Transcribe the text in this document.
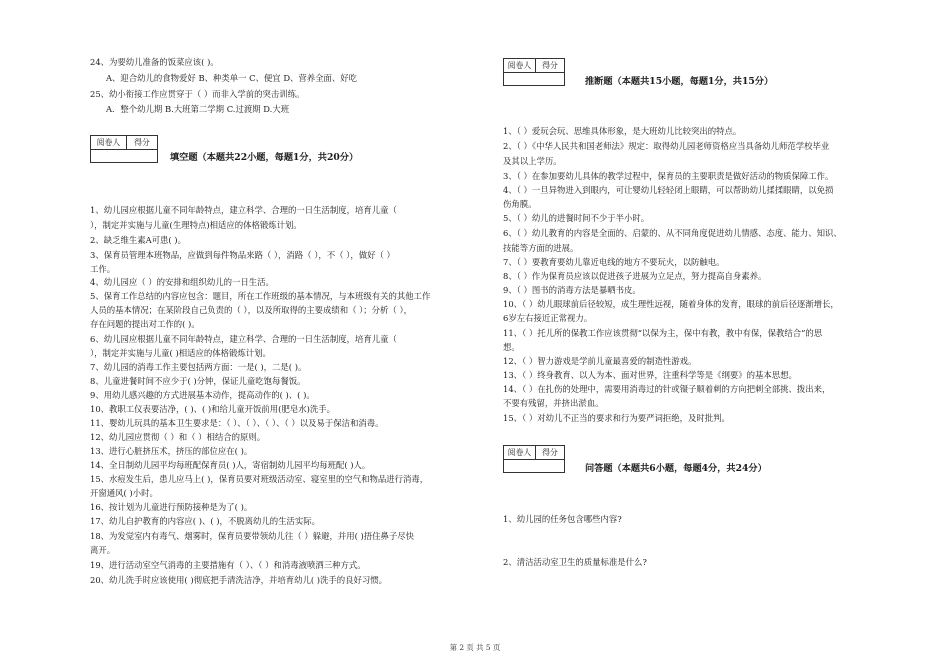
24、为要幼儿准备的饭菜应该( )。
A、迎合幼儿的食物爱好 B、种类单一 C、便宜 D、营养全面、好吃
25、幼小衔接工作应贯穿于（ ）而非入学前的突击训练。
A．整个幼儿期 B.大班第二学期 C.过渡期 D.大班
阅卷人	得分
填空题（本题共22小题，每题1分，共20分）
1、幼儿园应根据儿童不同年龄特点，建立科学、合理的一日生活制度，培育儿童（
），制定并实施与儿童(生理特点)相适应的体格锻炼计划。
2、缺乏维生素A可患( )。
3、保育员管理本班物品，应做到每件物品来路（ ），消路（ ），不（ ），做好（ ）
工作。
4、幼儿园应（ ）的安排和组织幼儿的一日生活。
5、保育工作总结的内容应包含：题目，所在工作班级的基本情况，与本班级有关的其他工作
人员的基本情况；在某阶段自己负责的（ ），以及所取得的主要成绩和（ ）；分析（ ），
存在问题的提出对工作的( )。
6、幼儿园应根据儿童不同年龄特点，建立科学、合理的一日生活制度，培育儿童（
），制定并实施与儿童( )相适应的体格锻炼计划。
7、幼儿园的消毒工作主要包括两方面：一是( )，二是( )。
8、儿童进餐时间不应少于( )分钟，保证儿童吃饱每餐饭。
9、用幼儿感兴趣的方式进展基本动作，提高动作的( )、( )。
10、教职工仪表要洁净，( )、( )和给儿童开饭前用(肥皂水)洗手。
11、婴幼儿玩具的基本卫生要求是：（ ）、（ ）、（ ）、（ ）以及易于保洁和消毒。
12、幼儿园应贯彻（ ）和（ ）相结合的原则。
13、进行心脏挤压术，挤压的部位应在( )。
14、全日制幼儿园平均每班配保育员( )人，寄宿制幼儿园平均每班配( )人。
15、水痘发生后，患儿应马上( )，保育员要对班级活动室、寝室里的空气和物品进行消毒，
开窗通风( )小时。
16、按计划为儿童进行预防接种是为了( )。
17、幼儿自护教育的内容应( )、( )，不脱离幼儿的生活实际。
18、为发觉室内有毒气、烟雾时，保育员要带领幼儿往（ ）躲避，并用( )捂住鼻子尽快
离开。
19、进行活动室空气消毒的主要措施有（ ）、（ ）和消毒液喷洒三种方式。
20、幼儿洗手时应该使用( )彻底把手清洗洁净，并培育幼儿( )洗手的良好习惯。
阅卷人	得分
推断题（本题共15小题，每题1分，共15分）
1、（ ）爱玩会玩、思维具体形象，是大班幼儿比较突出的特点。
2、（ ）《中华人民共和国老师法》规定：取得幼儿园老师资格应当具备幼儿师范学校毕业
及其以上学历。
3、（ ）在参加要幼儿具体的教学过程中，保育员的主要职责是做好活动的物质保障工作。
4、（ ）一旦异物进入到眼内，可让婴幼儿轻轻闭上眼睛，可以帮助幼儿揉揉眼睛，以免损
伤角膜。
5、（ ）幼儿的进餐时间不少于半小时。
6、（ ）幼儿教育的内容是全面的、启蒙的、从不同角度促进幼儿情感、态度、能力、知识、
技能等方面的进展。
7、（ ）要教育要幼儿靠近电线的地方不要玩火，以防触电。
8、（ ）作为保育员应该以促进孩子进展为立足点，努力提高自身素养。
9、（ ）图书的消毒方法是暴晒书皮。
10、（ ）幼儿眼球前后径较短，成生理性远视，随着身体的发育，眼球的前后径逐渐增长，
6岁左右接近正常视力。
11、（ ）托儿所的保教工作应该贯彻“以保为主，保中有教，教中有保，保教结合”的思
想。
12、（ ）智力游戏是学前儿童最喜爱的制造性游戏。
13、（ ）终身教育、以人为本、面对世界，注重科学等是《纲要》的基本思想。
14、（ ）在扎伤的处理中，需要用消毒过的针或镊子顺着刺的方向把刺全部挑、拨出来，
不要有残留，并挤出淤血。
15、（ ）对幼儿不正当的要求和行为要严词拒绝，及时批判。
阅卷人	得分
问答题（本题共6小题，每题4分，共24分）
1、幼儿园的任务包含哪些内容?
2、清洁活动室卫生的质量标准是什么?
第 2 页 共 5 页
